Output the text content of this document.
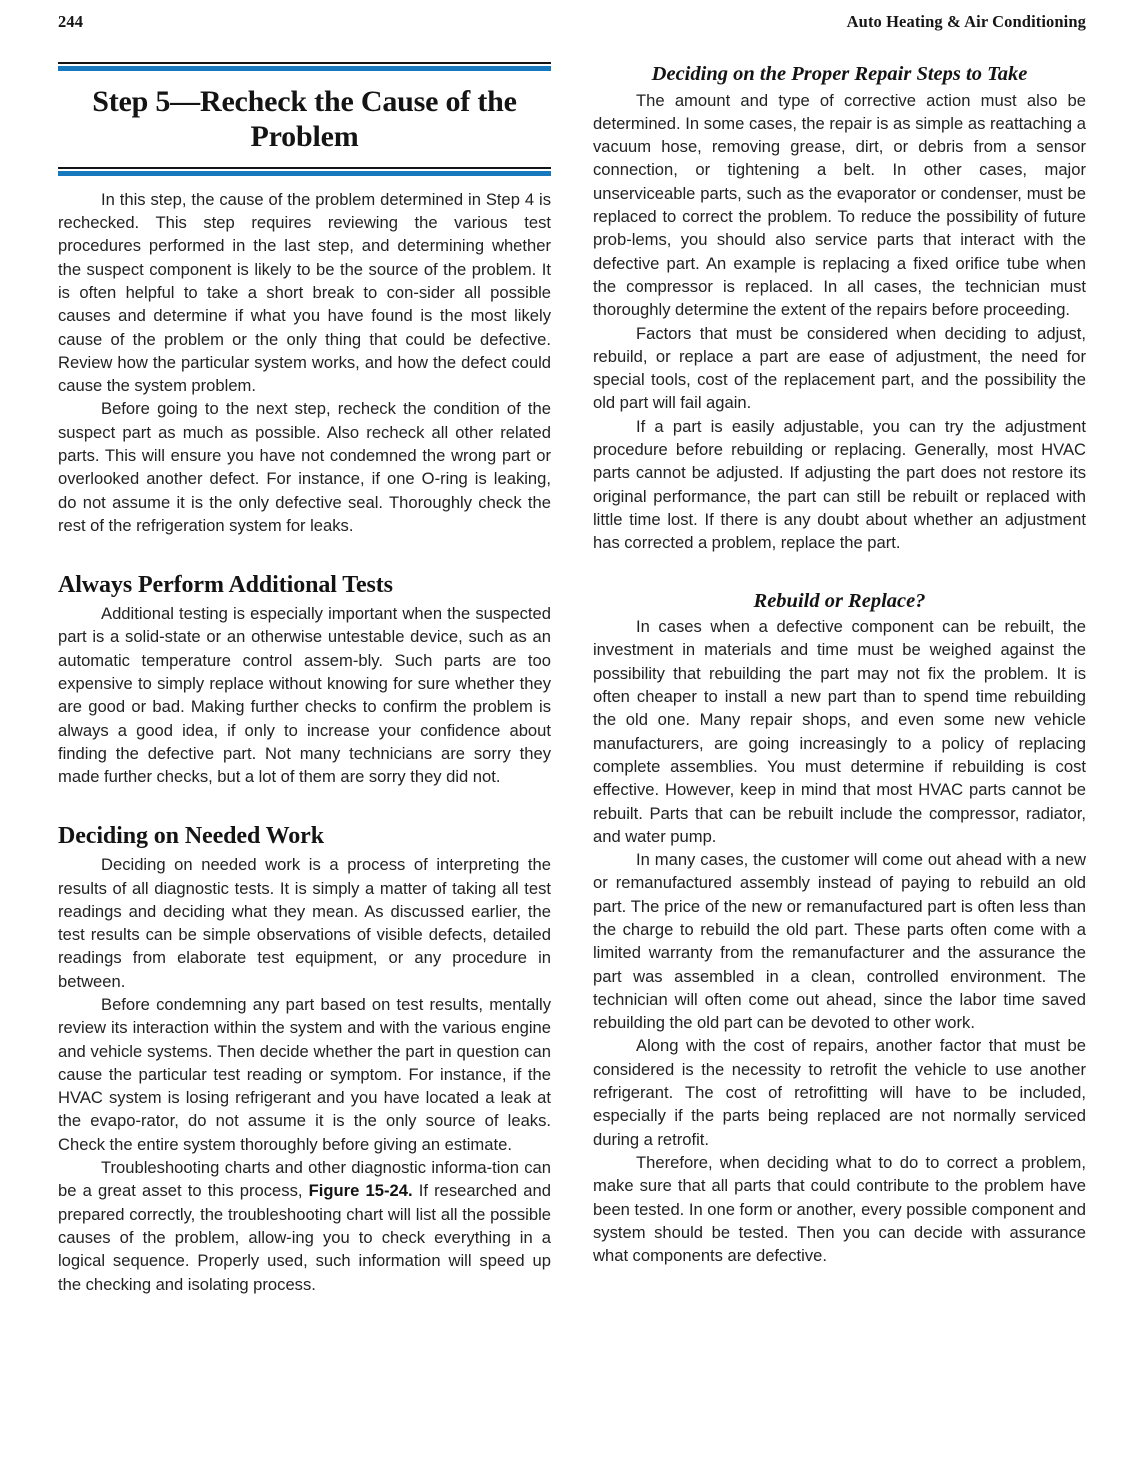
244	Auto Heating & Air Conditioning
Step 5—Recheck the Cause of the Problem

In this step, the cause of the problem determined in Step 4 is rechecked. This step requires reviewing the various test procedures performed in the last step, and determining whether the suspect component is likely to be the source of the problem. It is often helpful to take a short break to con-sider all possible causes and determine if what you have found is the most likely cause of the problem or the only thing that could be defective. Review how the particular system works, and how the defect could cause the system problem.

Before going to the next step, recheck the condition of the suspect part as much as possible. Also recheck all other related parts. This will ensure you have not condemned the wrong part or overlooked another defect. For instance, if one O-ring is leaking, do not assume it is the only defective seal. Thoroughly check the rest of the refrigeration system for leaks.

Always Perform Additional Tests

Additional testing is especially important when the suspected part is a solid-state or an otherwise untestable device, such as an automatic temperature control assem-bly. Such parts are too expensive to simply replace without knowing for sure whether they are good or bad. Making further checks to confirm the problem is always a good idea, if only to increase your confidence about finding the defective part. Not many technicians are sorry they made further checks, but a lot of them are sorry they did not.

Deciding on Needed Work

Deciding on needed work is a process of interpreting the results of all diagnostic tests. It is simply a matter of taking all test readings and deciding what they mean. As discussed earlier, the test results can be simple observations of visible defects, detailed readings from elaborate test equipment, or any procedure in between.

Before condemning any part based on test results, mentally review its interaction within the system and with the various engine and vehicle systems. Then decide whether the part in question can cause the particular test reading or symptom. For instance, if the HVAC system is losing refrigerant and you have located a leak at the evapo-rator, do not assume it is the only source of leaks. Check the entire system thoroughly before giving an estimate.

Troubleshooting charts and other diagnostic informa-tion can be a great asset to this process, Figure 15-24. If researched and prepared correctly, the troubleshooting chart will list all the possible causes of the problem, allow-ing you to check everything in a logical sequence. Properly used, such information will speed up the checking and isolating process.

Deciding on the Proper Repair Steps to Take

The amount and type of corrective action must also be determined. In some cases, the repair is as simple as reattaching a vacuum hose, removing grease, dirt, or debris from a sensor connection, or tightening a belt. In other cases, major unserviceable parts, such as the evaporator or condenser, must be replaced to correct the problem. To reduce the possibility of future prob-lems, you should also service parts that interact with the defective part. An example is replacing a fixed orifice tube when the compressor is replaced. In all cases, the technician must thoroughly determine the extent of the repairs before proceeding.

Factors that must be considered when deciding to adjust, rebuild, or replace a part are ease of adjustment, the need for special tools, cost of the replacement part, and the possibility the old part will fail again.

If a part is easily adjustable, you can try the adjustment procedure before rebuilding or replacing. Generally, most HVAC parts cannot be adjusted. If adjusting the part does not restore its original performance, the part can still be rebuilt or replaced with little time lost. If there is any doubt about whether an adjustment has corrected a problem, replace the part.

Rebuild or Replace?

In cases when a defective component can be rebuilt, the investment in materials and time must be weighed against the possibility that rebuilding the part may not fix the problem. It is often cheaper to install a new part than to spend time rebuilding the old one. Many repair shops, and even some new vehicle manufacturers, are going increasingly to a policy of replacing complete assemblies. You must determine if rebuilding is cost effective. However, keep in mind that most HVAC parts cannot be rebuilt. Parts that can be rebuilt include the compressor, radiator, and water pump.

In many cases, the customer will come out ahead with a new or remanufactured assembly instead of paying to rebuild an old part. The price of the new or remanufactured part is often less than the charge to rebuild the old part. These parts often come with a limited warranty from the remanufacturer and the assurance the part was assembled in a clean, controlled environment. The technician will often come out ahead, since the labor time saved rebuilding the old part can be devoted to other work.

Along with the cost of repairs, another factor that must be considered is the necessity to retrofit the vehicle to use another refrigerant. The cost of retrofitting will have to be included, especially if the parts being replaced are not normally serviced during a retrofit.

Therefore, when deciding what to do to correct a problem, make sure that all parts that could contribute to the problem have been tested. In one form or another, every possible component and system should be tested. Then you can decide with assurance what components are defective.
